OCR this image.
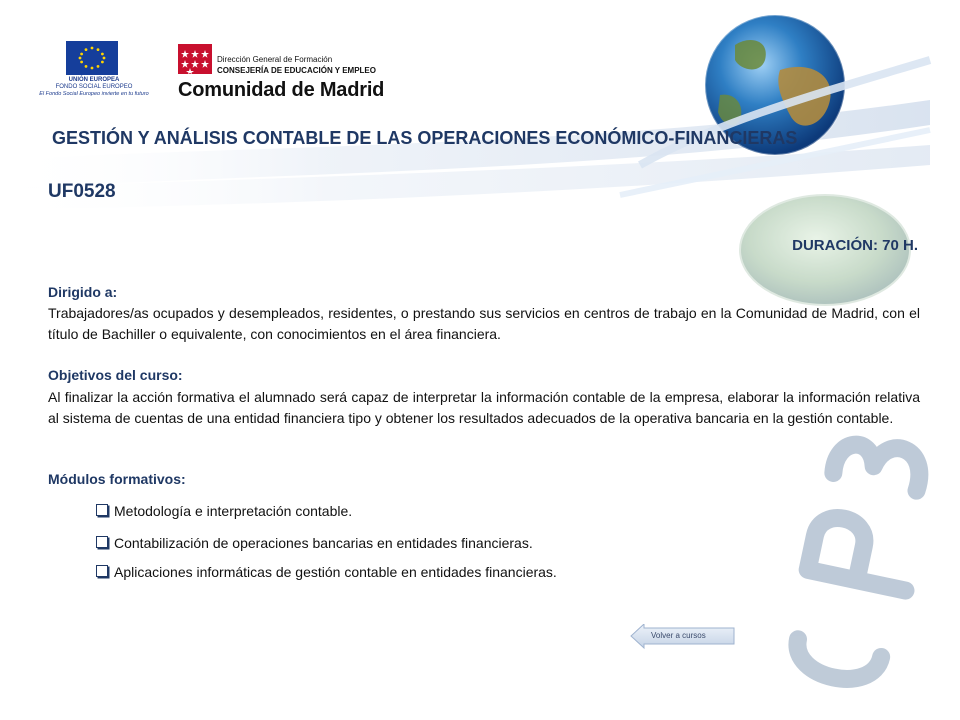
UNIÓN EUROPEA
FONDO SOCIAL EUROPEO
El Fondo Social Europeo invierte en tu futuro
Dirección General de Formación
CONSEJERÍA DE EDUCACIÓN Y EMPLEO
Comunidad de Madrid
GESTIÓN Y ANÁLISIS CONTABLE DE LAS OPERACIONES ECONÓMICO-FINANCIERAS
UF0528
DURACIÓN: 70 H.
Dirigido a:
Trabajadores/as ocupados y desempleados, residentes, o prestando sus servicios en centros de trabajo en la Comunidad de Madrid, con el título de Bachiller o equivalente, con conocimientos en el área financiera.
Objetivos del curso:
Al finalizar la acción formativa el alumnado será capaz de interpretar la información contable de la empresa, elaborar la información relativa al sistema de cuentas de una entidad financiera tipo y obtener los resultados adecuados de la operativa bancaria en la gestión contable.
Módulos formativos:
Metodología e interpretación contable.
Contabilización de operaciones bancarias en entidades financieras.
Aplicaciones informáticas de gestión contable en entidades financieras.
Volver a cursos
